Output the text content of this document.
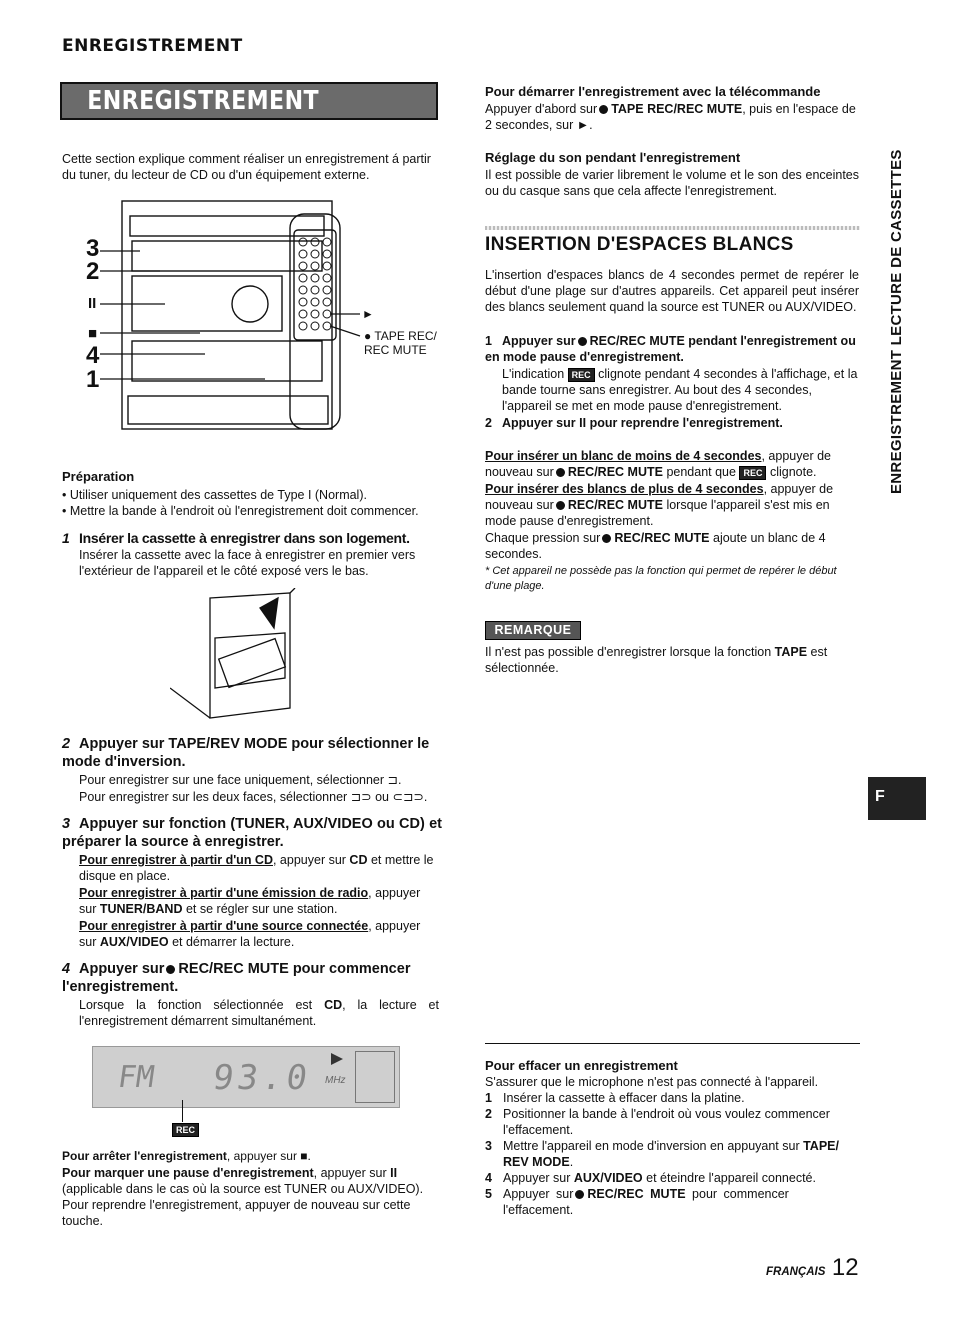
ENREGISTREMENT
ENREGISTREMENT DE BASE

Cette section explique comment réaliser un enregistrement á partir du tuner, du lecteur de CD ou d'un équipement externe.

3
2
II
■
4
1
►
● TAPE REC/
REC MUTE
Préparation

• Utiliser uniquement des cassettes de Type I (Normal).

• Mettre la bande à l'endroit où l'enregistrement doit commencer.

1 Insérer la cassette à enregistrer dans son logement.

Insérer la cassette avec la face à enregistrer en premier vers l'extérieur de l'appareil et le côté exposé vers le bas.

2 Appuyer sur TAPE/REV MODE pour sélectionner le mode d'inversion.

Pour enregistrer sur une face uniquement, sélectionner ⊐.

Pour enregistrer sur les deux faces, sélectionner ⊐⊃ ou ⊂⊐⊃.

3 Appuyer sur fonction (TUNER, AUX/VIDEO ou CD) et préparer la source à enregistrer.

Pour enregistrer à partir d'un CD, appuyer sur CD et mettre le disque en place.

Pour enregistrer à partir d'une émission de radio, appuyer sur TUNER/BAND et se régler sur une station.

Pour enregistrer à partir d'une source connectée, appuyer sur AUX/VIDEO et démarrer la lecture.

4 Appuyer sur REC/REC MUTE pour commencer l'enregistrement.

Lorsque la fonction sélectionnée est CD, la lecture et l'enregistrement démarrent simultanément.

FM 93.0 MHz
REC

Pour arrêter l'enregistrement, appuyer sur ■.

Pour marquer une pause d'enregistrement, appuyer sur II

(applicable dans le cas où la source est TUNER ou AUX/VIDEO).

Pour reprendre l'enregistrement, appuyer de nouveau sur cette touche.

Pour démarrer l'enregistrement avec la télécommande

Appuyer d'abord sur TAPE REC/REC MUTE, puis en l'espace de 2 secondes, sur ►.

Réglage du son pendant l'enregistrement

Il est possible de varier librement le volume et le son des enceintes ou du casque sans que cela affecte l'enregistrement.

INSERTION D'ESPACES BLANCS

L'insertion d'espaces blancs de 4 secondes permet de repérer le début d'une plage sur d'autres appareils. Cet appareil peut insérer des blancs seulement quand la source est TUNER ou AUX/VIDEO.

1 Appuyer sur REC/REC MUTE pendant l'enregistrement ou en mode pause d'enregistrement.

L'indication REC clignote pendant 4 secondes à l'affichage, et la bande tourne sans enregistrer. Au bout des 4 secondes, l'appareil se met en mode pause d'enregistrement.

2 Appuyer sur II pour reprendre l'enregistrement.

Pour insérer un blanc de moins de 4 secondes, appuyer de nouveau sur REC/REC MUTE pendant que REC clignote.

Pour insérer des blancs de plus de 4 secondes, appuyer de nouveau sur REC/REC MUTE lorsque l'appareil s'est mis en mode pause d'enregistrement.

Chaque pression sur REC/REC MUTE ajoute un blanc de 4 secondes.

* Cet appareil ne possède pas la fonction qui permet de repérer le début d'une plage.

REMARQUE

Il n'est pas possible d'enregistrer lorsque la fonction TAPE est sélectionnée.

Pour effacer un enregistrement

S'assurer que le microphone n'est pas connecté à l'appareil.

1 Insérer la cassette à effacer dans la platine.
2 Positionner la bande à l'endroit où vous voulez commencer l'effacement.
3 Mettre l'appareil en mode d'inversion en appuyant sur TAPE/ REV MODE.
4 Appuyer sur AUX/VIDEO et éteindre l'appareil connecté.
5 Appuyer sur REC/REC MUTE pour commencer l'effacement.
ENREGISTREMENT LECTURE DE CASSETTES
F
FRANÇAIS 12
